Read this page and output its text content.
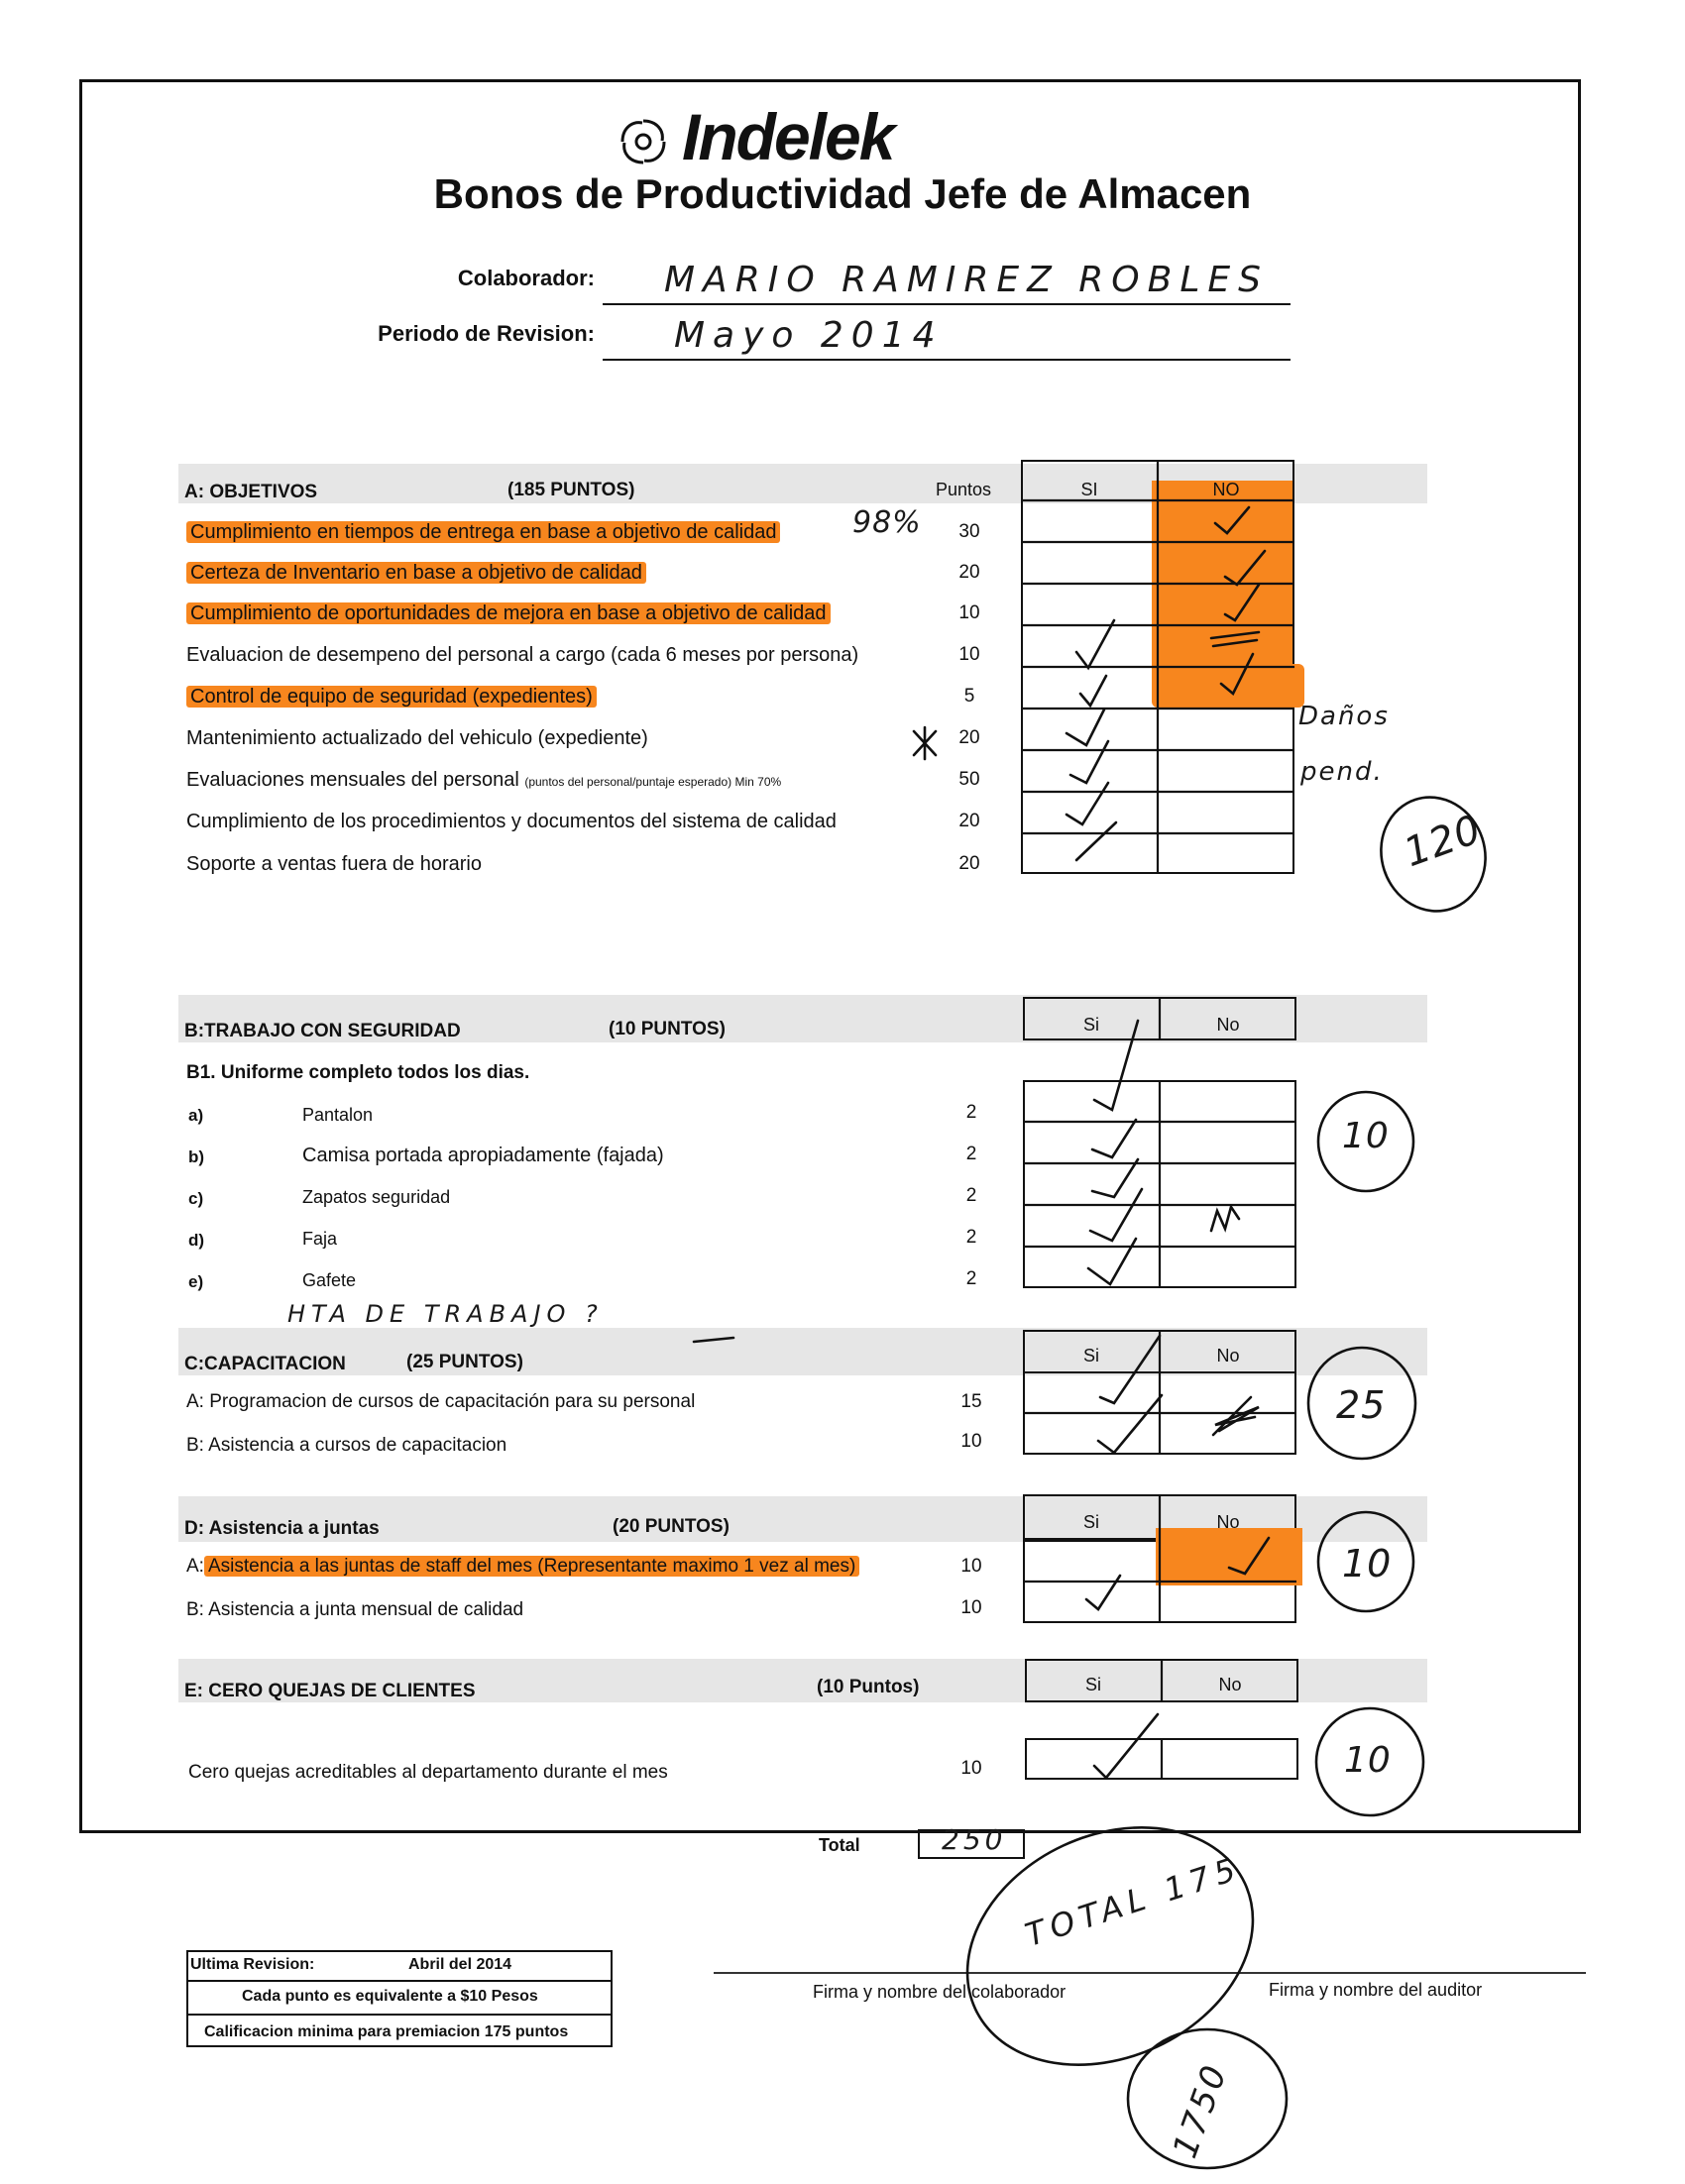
Indelek
Bonos de Productividad Jefe de Almacen
Colaborador: MARIO RAMIREZ ROBLES
Periodo de Revision: Mayo 2014
A: OBJETIVOS	(185 PUNTOS)	Puntos	SI	NO
Cumplimiento en tiempos de entrega en base a objetivo de calidad	30
98%
Certeza de Inventario en base a objetivo de calidad	20
Cumplimiento de oportunidades de mejora en base a objetivo de calidad	10
Evaluacion de desempeno del personal a cargo (cada 6 meses por persona)	10
Control de equipo de seguridad (expedientes)	5
Mantenimiento actualizado del vehiculo (expediente)	20
Daños
Evaluaciones mensuales del personal (puntos del personal/puntaje esperado) Min 70%	50	pend.
Cumplimiento de los procedimientos y documentos del sistema de calidad	20
Soporte a ventas fuera de horario	20	120
Si	No
B:TRABAJO CON SEGURIDAD	(10 PUNTOS)
B1. Uniforme completo todos los dias.
a)	Pantalon	2
b)	Camisa portada apropiadamente (fajada)	2
c)	Zapatos seguridad	2
d)	Faja	2
e)	Gafete	2
HTA DE TRABAJO ?
10
Si	No
C:CAPACITACION	(25 PUNTOS)
A: Programacion de cursos de capacitación para su personal	15
B: Asistencia a cursos de capacitacion	10
25
Si
D: Asistencia a juntas	(20 PUNTOS)	No
A: Asistencia a las juntas de staff del mes (Representante maximo 1 vez al mes)	10
B: Asistencia a junta mensual de calidad	10
10
Si	No
E: CERO QUEJAS DE CLIENTES	(10 Puntos)
Cero quejas acreditables al departamento durante el mes	10	10
Total	250
TOTAL 175
1750
Ultima Revision:	Abril del 2014
Cada punto es equivalente a $10 Pesos
Calificacion minima para premiacion 175 puntos
Firma y nombre del colaborador	Firma y nombre del auditor
